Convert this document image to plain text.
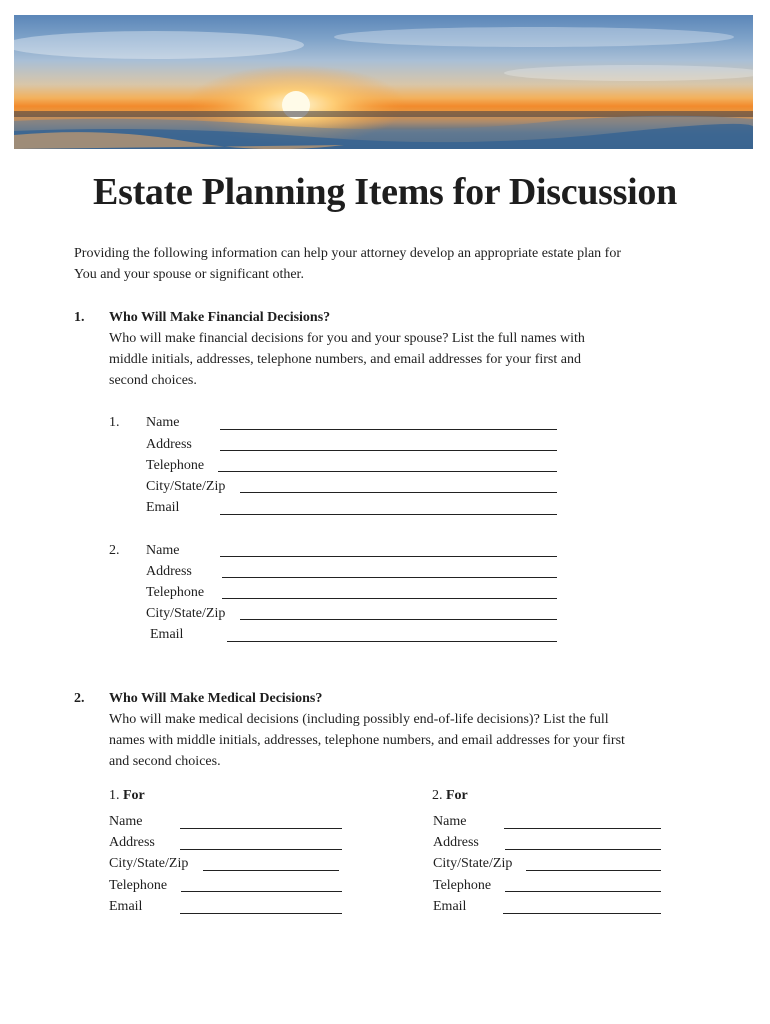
Estate Planning Items for Discussion
Providing the following information can help your attorney develop an appropriate estate plan for
You and your spouse or significant other.
1. Who Will Make Financial Decisions?
Who will make financial decisions for you and your spouse? List the full names with
middle initials, addresses, telephone numbers, and email addresses for your first and
second choices.
1. Name
Address
Telephone
City/State/Zip
Email
2. Name
Address
Telephone
City/State/Zip
Email
2. Who Will Make Medical Decisions?
Who will make medical decisions (including possibly end-of-life decisions)? List the full
names with middle initials, addresses, telephone numbers, and email addresses for your first
and second choices.
1. For
Name
Address
City/State/Zip
Telephone
Email
2. For
Name
Address
City/State/Zip
Telephone
Email
